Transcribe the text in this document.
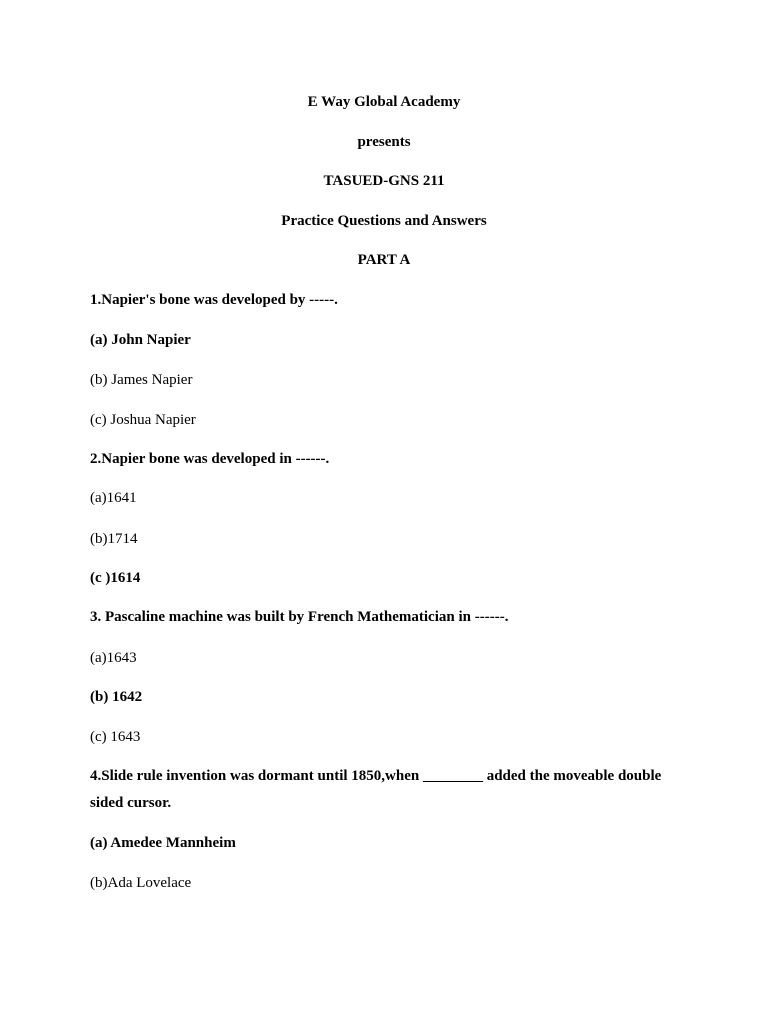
E Way Global Academy
presents
TASUED-GNS 211
Practice Questions and Answers
PART A
1.Napier's bone was developed by -----.
(a) John Napier
(b) James Napier
(c) Joshua Napier
2.Napier bone was developed in ------.
(a)1641
(b)1714
(c )1614
3. Pascaline machine was built by French Mathematician in ------.
(a)1643
(b) 1642
(c) 1643
4.Slide rule invention was dormant until 1850,when ________ added the moveable double sided cursor.
(a) Amedee Mannheim
(b)Ada Lovelace
